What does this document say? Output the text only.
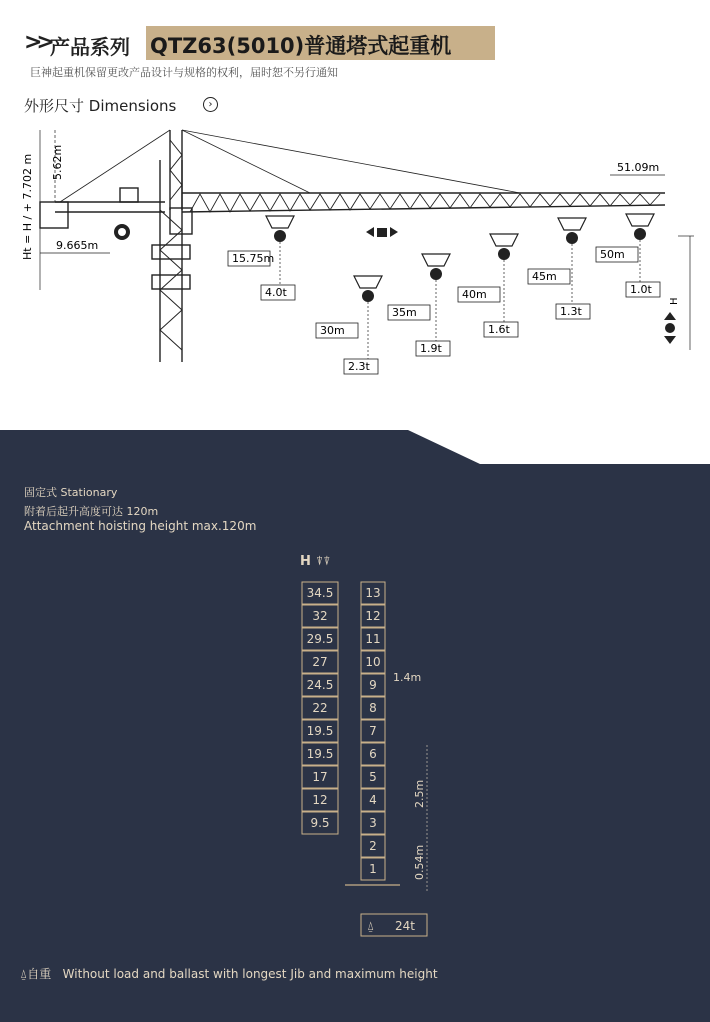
>> 产品系列 QTZ63(5010)普通塔式起重机
巨神起重机保留更改产品设计与规格的权利，届时恕不另行通知
外形尺寸 Dimensions	›
15.75m
4.0t
30m
2.3t
35m
1.9t
40m
1.6t
45m
1.3t
50m
1.0t
Ht = H / + 7.702 m 5.62m
9.665m
51.09m
H
H ⍒⍒
34.5
32
29.5
27
24.5
22
19.5
19.5
17
12
9.5
13
12
11
10
9
8
7
6
5
4
3
2
1
1.4m
2.5m
0.54m
⍙ 24t
固定式 Stationary
附着后起升高度可达 120m
Attachment hoisting height max.120m
⍙自重 Without load and ballast with longest Jib and maximum height
